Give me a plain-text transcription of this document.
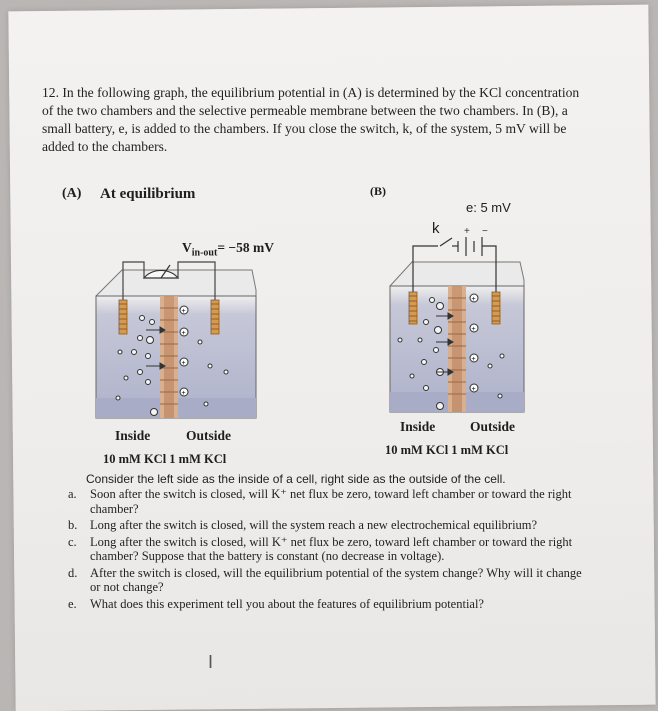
12. In the following graph, the equilibrium potential in (A) is determined by the KCl concentration of the two chambers and the selective permeable membrane between the two chambers. In (B), a small battery, e, is added to the chambers. If you close the switch, k, of the system, 5 mV will be added to the chambers.
(A) At equilibrium	(B)
e: 5 mV
k
$V_{in-out}= -58$ mV
+
+
+
+
+ −
+
+
+
+
Inside	Outside
10 mM KCl 1 mM KCl
Inside	Outside
10 mM KCl 1 mM KCl
Consider the left side as the inside of a cell, right side as the outside of the cell.
a.	Soon after the switch is closed, will K⁺ net flux be zero, toward left chamber or toward the right chamber?
b.	Long after the switch is closed, will the system reach a new electrochemical equilibrium?
c.	Long after the switch is closed, will K⁺ net flux be zero, toward left chamber or toward the right chamber? Suppose that the battery is constant (no decrease in voltage).
d.	After the switch is closed, will the equilibrium potential of the system change? Why will it change or not change?
e.	What does this experiment tell you about the features of equilibrium potential?
I
